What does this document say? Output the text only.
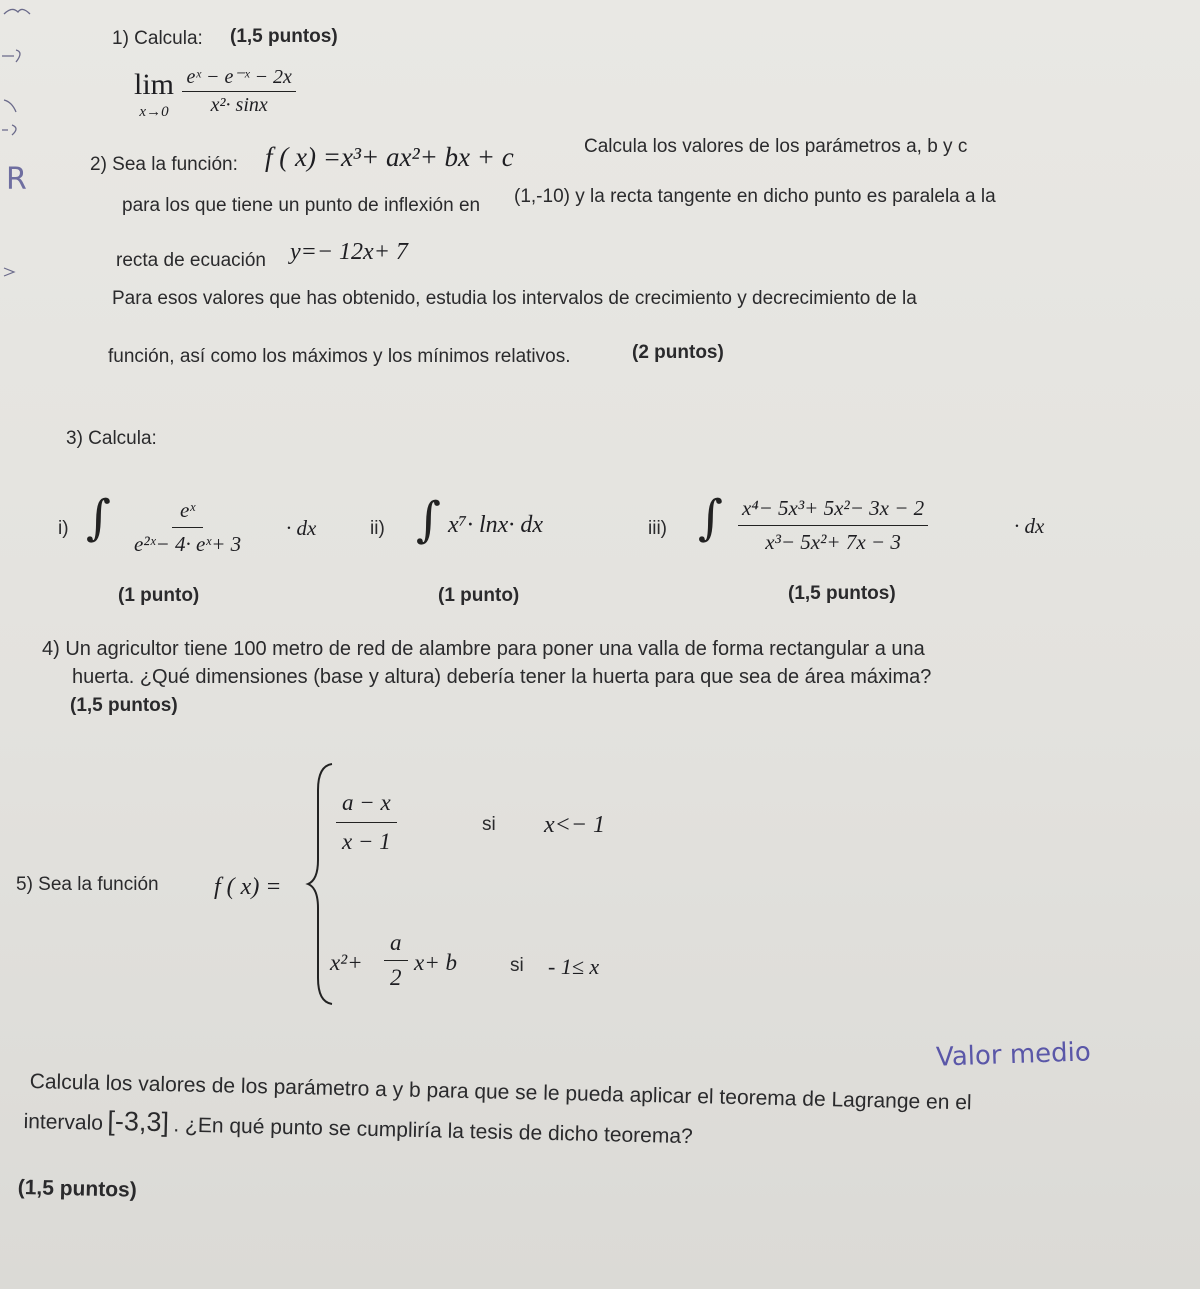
R
1) Calcula: (1,5 puntos)
lim
x→0
$\frac{\text{eˣ − e⁻ˣ − 2x}}{\text{x²· sinx}}$
2) Sea la función: f ( x) =x³+ ax²+ bx + c	Calcula los valores de los parámetros a, b y c
para los que tiene un punto de inflexión en (1,-10) y la recta tangente en dicho punto es paralela a la
recta de ecuación y=− 12x+ 7
Para esos valores que has obtenido, estudia los intervalos de crecimiento y decrecimiento de la
función, así como los máximos y los mínimos relativos.	(2 puntos)
3) Calcula:
i) ∫ $\frac{\text{eˣ}}{\text{e²ˣ− 4· eˣ+ 3}}$ · dx	ii) ∫ x⁷· lnx· dx	iii) ∫ $\frac{\text{x⁴− 5x³+ 5x²− 3x − 2}}{\text{x³− 5x²+ 7x − 3}}$	· dx
(1 punto)	(1 punto)	(1,5 puntos)
4) Un agricultor tiene 100 metro de red de alambre para poner una valla de forma rectangular a una
huerta. ¿Qué dimensiones (base y altura) debería tener la huerta para que sea de área máxima?
(1,5 puntos)
5) Sea la función f ( x) =
$\frac{a - x}{x - 1}$	si x<− 1
$x^2+ \frac{a}{2} x+ b$	si - 1≤ x
Valor medio
Calcula los valores de los parámetro a y b para que se le pueda aplicar el teorema de Lagrange en el
intervalo [-3,3] . ¿En qué punto se cumpliría la tesis de dicho teorema?
(1,5 puntos)
